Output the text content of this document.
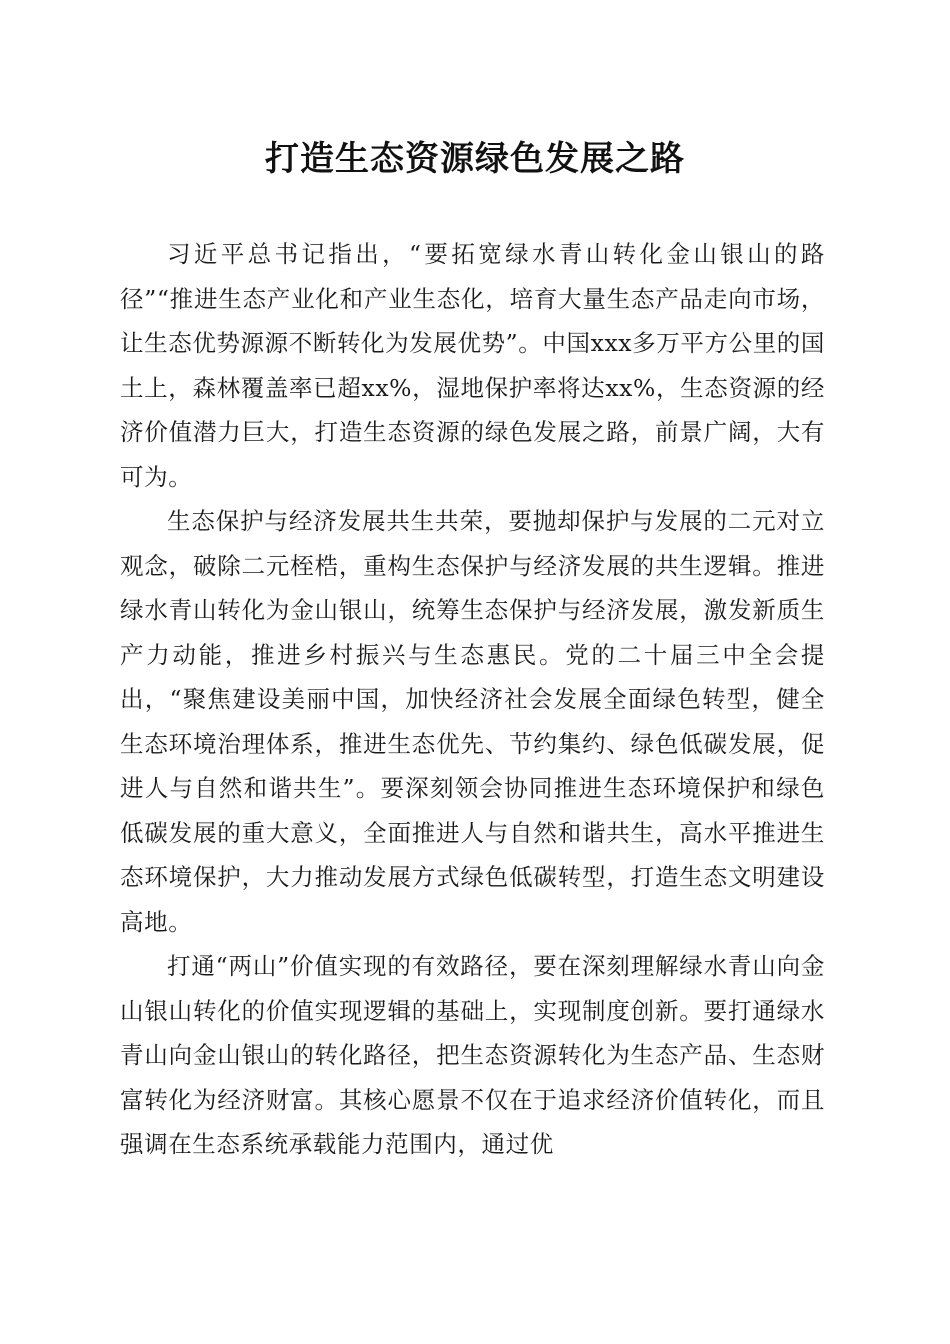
打造生态资源绿色发展之路

习近平总书记指出，“要拓宽绿水青山转化金山银山的路径”“推进生态产业化和产业生态化，培育大量生态产品走向市场，让生态优势源源不断转化为发展优势”。中国xxx多万平方公里的国土上，森林覆盖率已超xx%，湿地保护率将达xx%，生态资源的经济价值潜力巨大，打造生态资源的绿色发展之路，前景广阔，大有可为。

生态保护与经济发展共生共荣，要抛却保护与发展的二元对立观念，破除二元桎梏，重构生态保护与经济发展的共生逻辑。推进绿水青山转化为金山银山，统筹生态保护与经济发展，激发新质生产力动能，推进乡村振兴与生态惠民。党的二十届三中全会提出，“聚焦建设美丽中国，加快经济社会发展全面绿色转型，健全生态环境治理体系，推进生态优先、节约集约、绿色低碳发展，促进人与自然和谐共生”。要深刻领会协同推进生态环境保护和绿色低碳发展的重大意义，全面推进人与自然和谐共生，高水平推进生态环境保护，大力推动发展方式绿色低碳转型，打造生态文明建设高地。

打通“两山”价值实现的有效路径，要在深刻理解绿水青山向金山银山转化的价值实现逻辑的基础上，实现制度创新。要打通绿水青山向金山银山的转化路径，把生态资源转化为生态产品、生态财富转化为经济财富。其核心愿景不仅在于追求经济价值转化，而且强调在生态系统承载能力范围内，通过优
